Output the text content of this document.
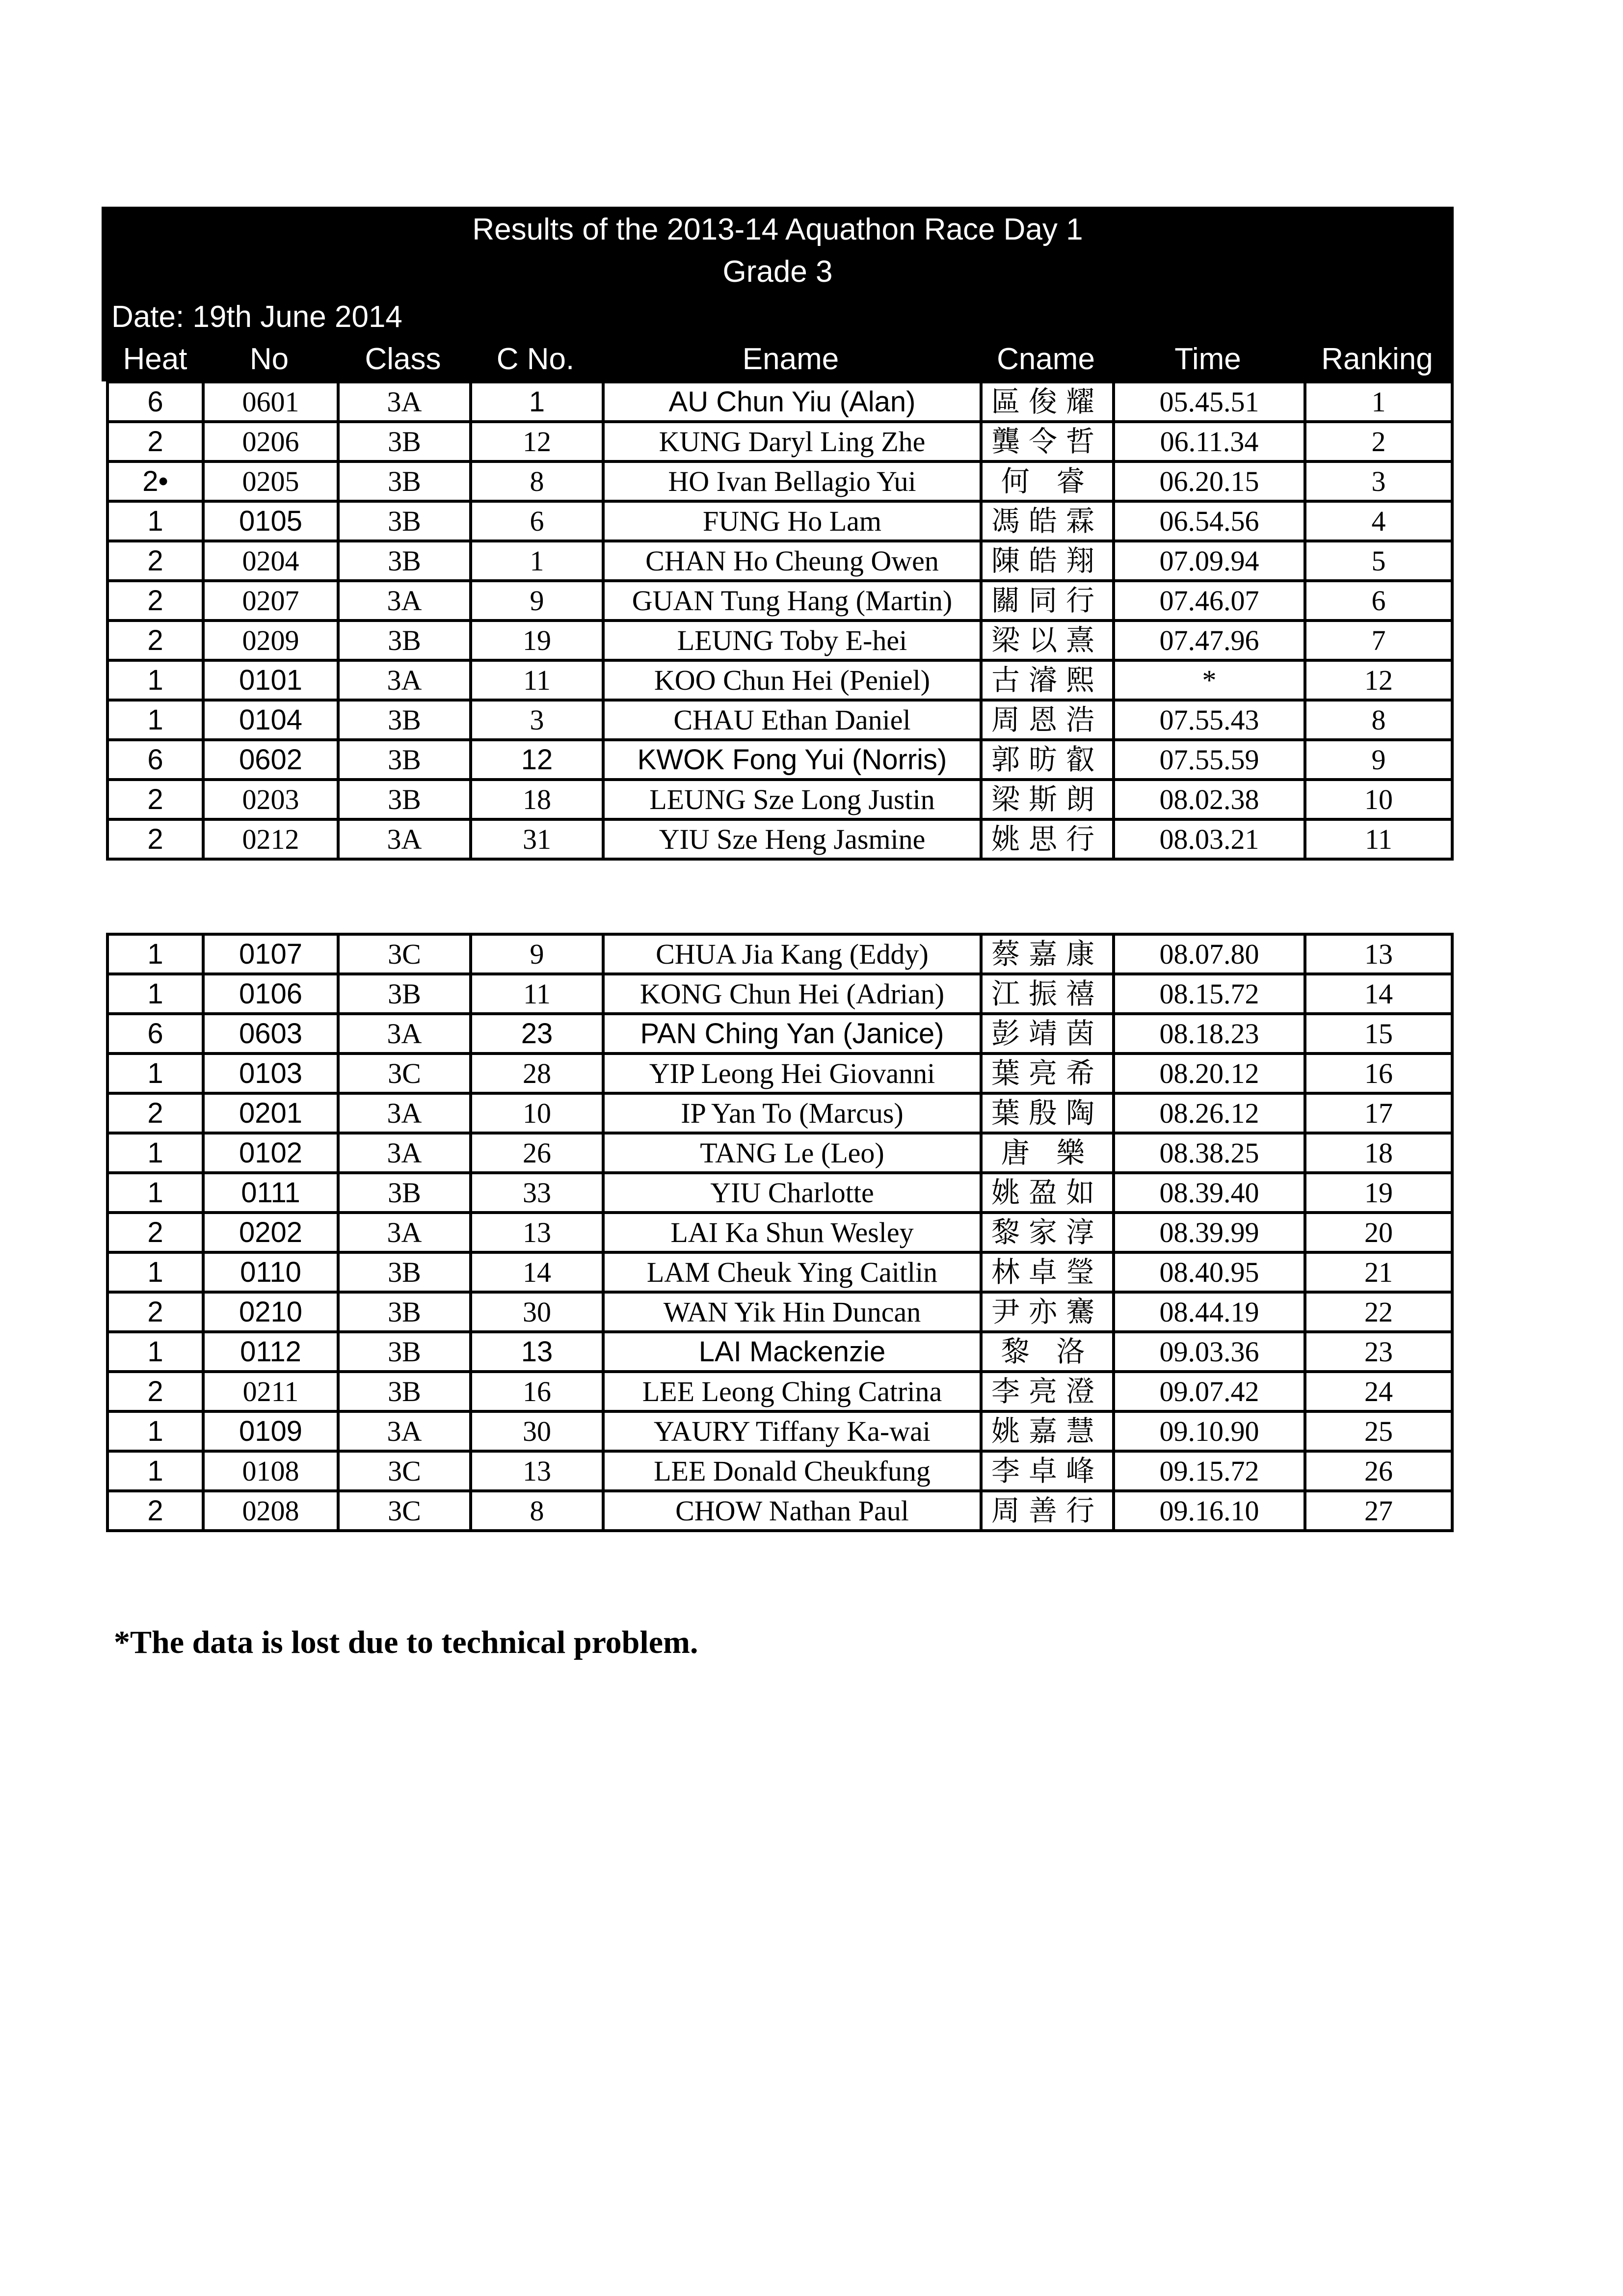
Results of the 2013-14 Aquathon Race Day 1
Grade 3
Date: 19th June 2014
Heat	No	Class	C No.	Ename	Cname	Time	Ranking
6	0601	3A	1	AU Chun Yiu (Alan)	區俊耀	05.45.51	1
2	0206	3B	12	KUNG Daryl Ling Zhe	龔令哲	06.11.34	2
2•	0205	3B	8	HO Ivan Bellagio Yui	何 睿	06.20.15	3
1	0105	3B	6	FUNG Ho Lam	馮皓霖	06.54.56	4
2	0204	3B	1	CHAN Ho Cheung Owen	陳皓翔	07.09.94	5
2	0207	3A	9	GUAN Tung Hang (Martin)	關同行	07.46.07	6
2	0209	3B	19	LEUNG Toby E-hei	梁以熹	07.47.96	7
1	0101	3A	11	KOO Chun Hei (Peniel)	古濬熙	*	12
1	0104	3B	3	CHAU Ethan Daniel	周恩浩	07.55.43	8
6	0602	3B	12	KWOK Fong Yui (Norris)	郭昉叡	07.55.59	9
2	0203	3B	18	LEUNG Sze Long Justin	梁斯朗	08.02.38	10
2	0212	3A	31	YIU Sze Heng Jasmine	姚思行	08.03.21	11
1	0107	3C	9	CHUA Jia Kang (Eddy)	蔡嘉康	08.07.80	13
1	0106	3B	11	KONG Chun Hei (Adrian)	江振禧	08.15.72	14
6	0603	3A	23	PAN Ching Yan (Janice)	彭靖茵	08.18.23	15
1	0103	3C	28	YIP Leong Hei Giovanni	葉亮希	08.20.12	16
2	0201	3A	10	IP Yan To (Marcus)	葉殷陶	08.26.12	17
1	0102	3A	26	TANG Le (Leo)	唐 樂	08.38.25	18
1	0111	3B	33	YIU Charlotte	姚盈如	08.39.40	19
2	0202	3A	13	LAI Ka Shun Wesley	黎家淳	08.39.99	20
1	0110	3B	14	LAM Cheuk Ying Caitlin	林卓瑩	08.40.95	21
2	0210	3B	30	WAN Yik Hin Duncan	尹亦騫	08.44.19	22
1	0112	3B	13	LAI Mackenzie	黎 洛	09.03.36	23
2	0211	3B	16	LEE Leong Ching Catrina	李亮澄	09.07.42	24
1	0109	3A	30	YAURY Tiffany Ka-wai	姚嘉慧	09.10.90	25
1	0108	3C	13	LEE Donald Cheukfung	李卓峰	09.15.72	26
2	0208	3C	8	CHOW Nathan Paul	周善行	09.16.10	27
*The data is lost due to technical problem.
